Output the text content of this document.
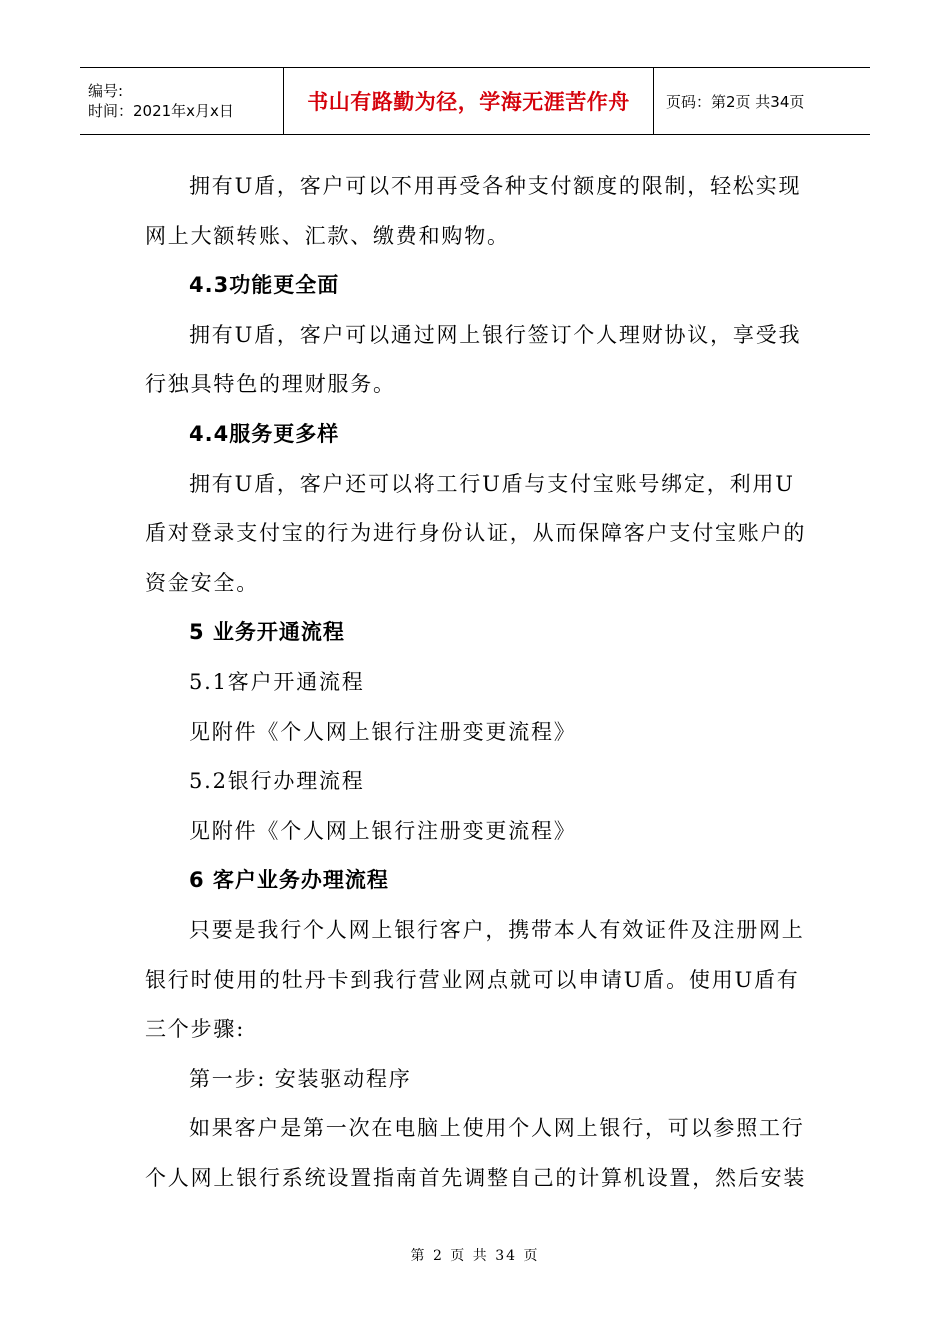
编号:
时间：2021年x月x日	书山有路勤为径，学海无涯苦作舟	页码：第2页 共34页

拥有U盾，客户可以不用再受各种支付额度的限制，轻松实现

网上大额转账、汇款、缴费和购物。

4.3功能更全面

拥有U盾，客户可以通过网上银行签订个人理财协议，享受我

行独具特色的理财服务。

4.4服务更多样

拥有U盾，客户还可以将工行U盾与支付宝账号绑定，利用U

盾对登录支付宝的行为进行身份认证，从而保障客户支付宝账户的

资金安全。

5 业务开通流程

5.1客户开通流程

见附件《个人网上银行注册变更流程》

5.2银行办理流程

见附件《个人网上银行注册变更流程》

6 客户业务办理流程

只要是我行个人网上银行客户，携带本人有效证件及注册网上

银行时使用的牡丹卡到我行营业网点就可以申请U盾。使用U盾有

三个步骤:

第一步: 安装驱动程序

如果客户是第一次在电脑上使用个人网上银行，可以参照工行

个人网上银行系统设置指南首先调整自己的计算机设置，然后安装

第 2 页 共 34 页
